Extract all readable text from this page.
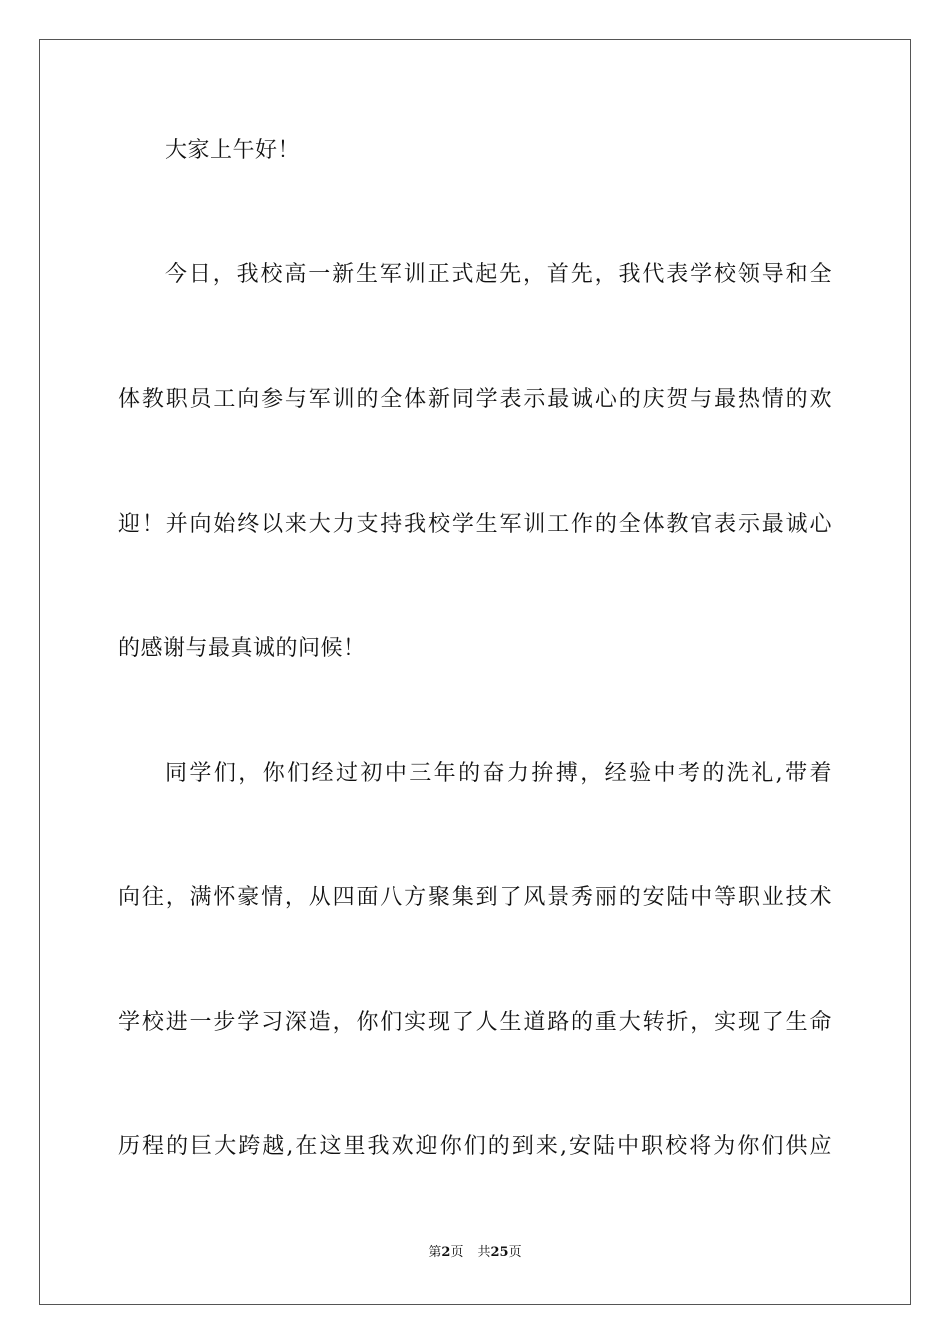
大家上午好！
今日，我校高一新生军训正式起先，首先，我代表学校领导和全
体教职员工向参与军训的全体新同学表示最诚心的庆贺与最热情的欢
迎！并向始终以来大力支持我校学生军训工作的全体教官表示最诚心
的感谢与最真诚的问候！
同学们，你们经过初中三年的奋力拚搏，经验中考的洗礼,带着
向往，满怀豪情，从四面八方聚集到了风景秀丽的安陆中等职业技术
学校进一步学习深造，你们实现了人生道路的重大转折，实现了生命
历程的巨大跨越,在这里我欢迎你们的到来,安陆中职校将为你们供应
第2页 共25页
